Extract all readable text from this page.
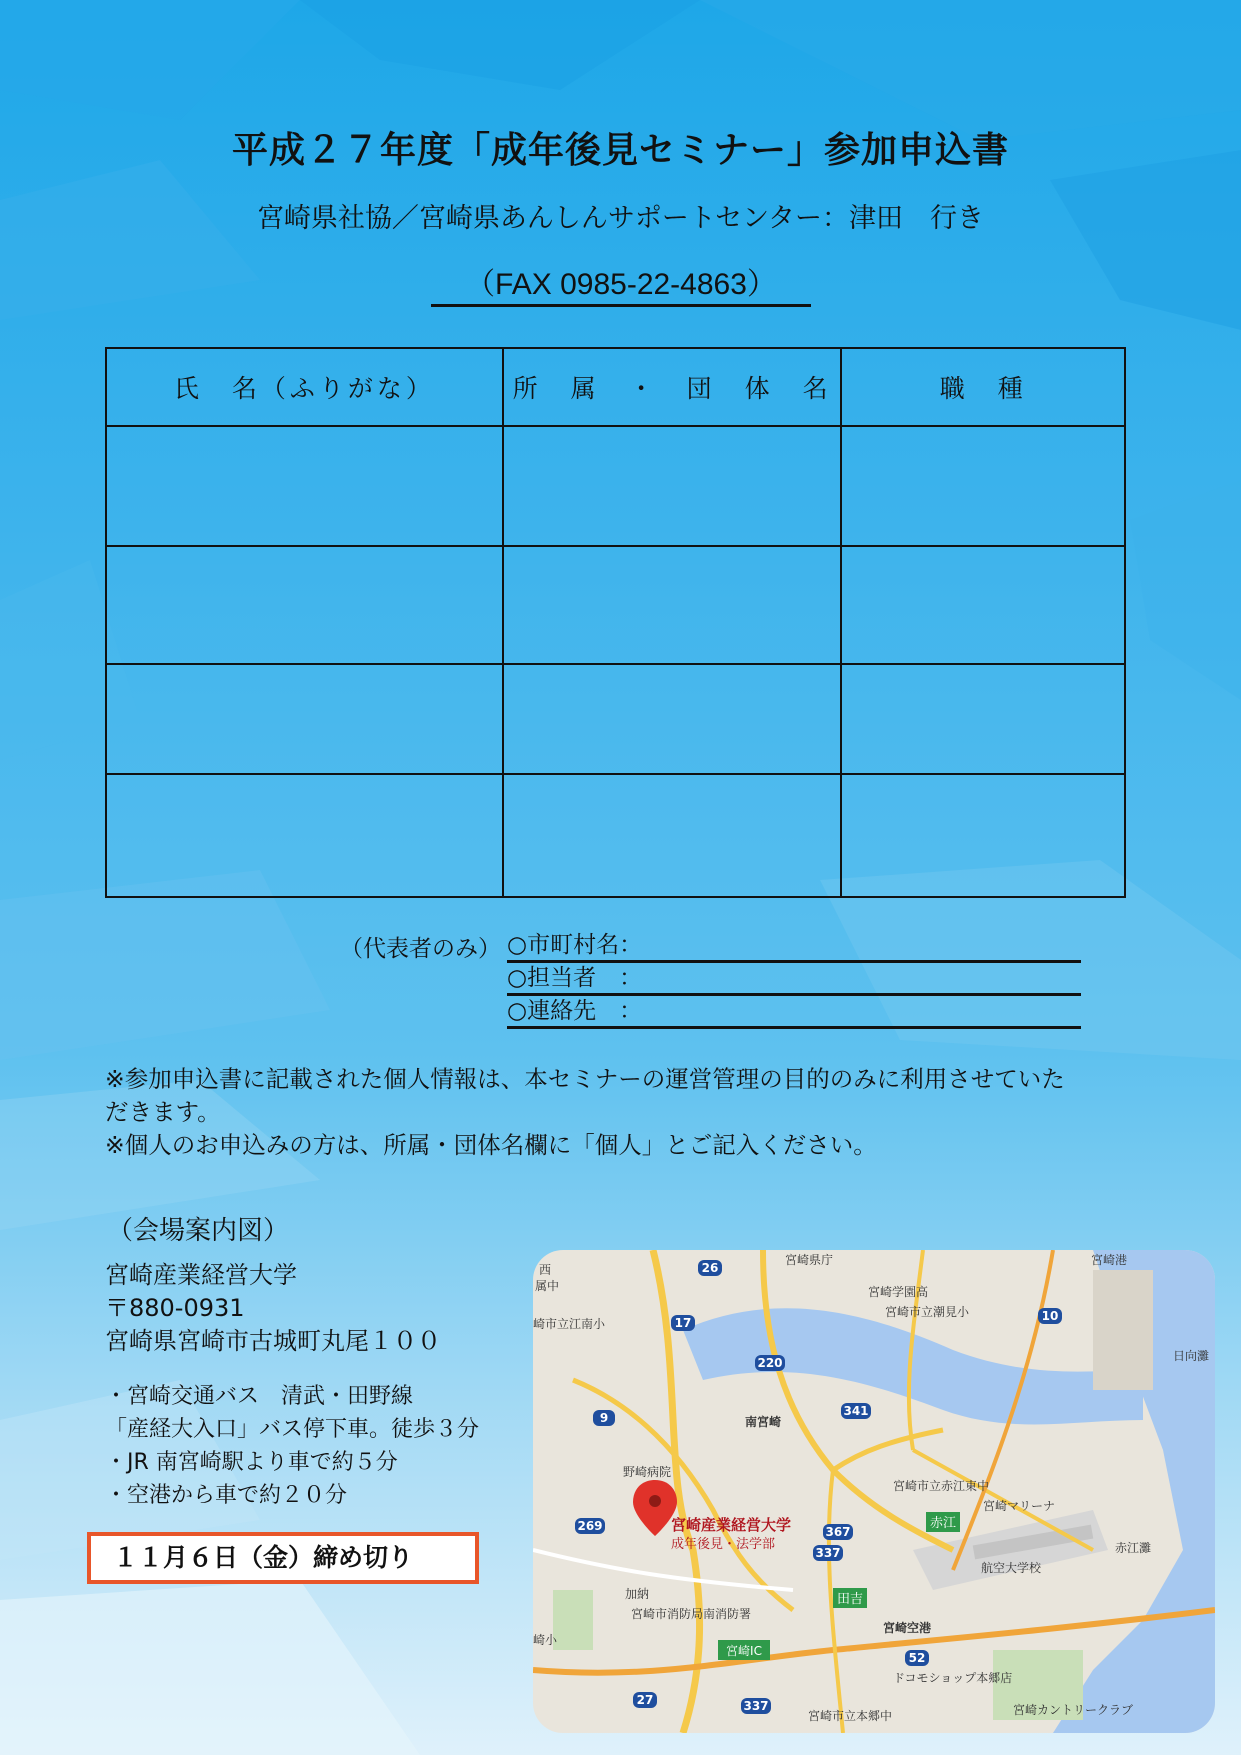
平成２７年度「成年後見セミナー」参加申込書
宮崎県社協／宮崎県あんしんサポートセンター：津田　行き
（FAX 0985-22-4863）
氏　名（ふりがな）	所　属　・　団　体　名	職　種

（代表者のみ） ○市町村名：
○担当者　：
○連絡先　：
※参加申込書に記載された個人情報は、本セミナーの運営管理の目的のみに利用させていた
だきます。
※個人のお申込みの方は、所属・団体名欄に「個人」とご記入ください。
（会場案内図）
宮崎産業経営大学
〒880-0931
宮崎県宮崎市古城町丸尾１００
・宮崎交通バス　清武・田野線
「産経大入口」バス停下車。徒歩３分
・JR 南宮崎駅より車で約５分
・空港から車で約２０分
１１月６日（金）締め切り
26
17	10
220
9	341
269	367
337
52
27	337
赤江
田吉
宮崎IC
宮崎県庁
宮崎学園高
宮崎市立潮見小
宮崎港
日向灘
西
属中
崎市立江南小
南宮崎
野崎病院
宮崎市立赤江東中
宮崎マリーナ
赤江灘
航空大学校
加納
宮崎市消防局南消防署
宮崎空港
ドコモショップ本郷店
宮崎市立本郷中	宮崎カントリークラブ
崎小
宮崎産業経営大学
成年後見・法学部
